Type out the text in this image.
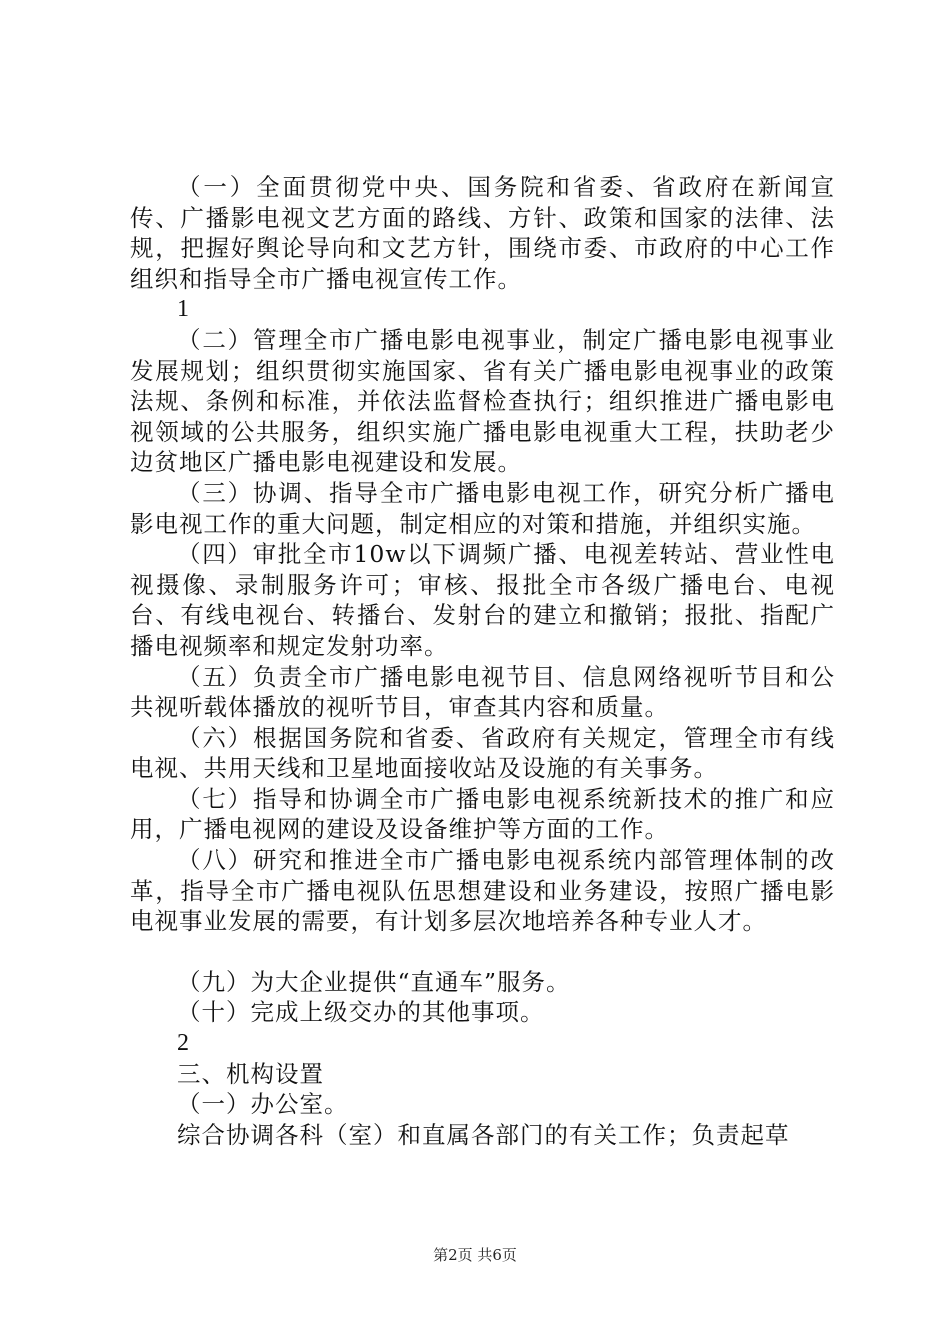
（一）全面贯彻党中央、国务院和省委、省政府在新闻宣传、广播影电视文艺方面的路线、方针、政策和国家的法律、法规，把握好舆论导向和文艺方针，围绕市委、市政府的中心工作组织和指导全市广播电视宣传工作。

1

（二）管理全市广播电影电视事业，制定广播电影电视事业发展规划；组织贯彻实施国家、省有关广播电影电视事业的政策法规、条例和标准，并依法监督检查执行；组织推进广播电影电视领域的公共服务，组织实施广播电影电视重大工程，扶助老少边贫地区广播电影电视建设和发展。

（三）协调、指导全市广播电影电视工作，研究分析广播电影电视工作的重大问题，制定相应的对策和措施，并组织实施。

（四）审批全市10w以下调频广播、电视差转站、营业性电视摄像、录制服务许可；审核、报批全市各级广播电台、电视台、有线电视台、转播台、发射台的建立和撤销；报批、指配广播电视频率和规定发射功率。

（五）负责全市广播电影电视节目、信息网络视听节目和公共视听载体播放的视听节目，审查其内容和质量。

（六）根据国务院和省委、省政府有关规定，管理全市有线电视、共用天线和卫星地面接收站及设施的有关事务。

（七）指导和协调全市广播电影电视系统新技术的推广和应用，广播电视网的建设及设备维护等方面的工作。

（八）研究和推进全市广播电影电视系统内部管理体制的改革，指导全市广播电视队伍思想建设和业务建设，按照广播电影电视事业发展的需要，有计划多层次地培养各种专业人才。

（九）为大企业提供“直通车”服务。

（十）完成上级交办的其他事项。

2

三、机构设置

（一）办公室。

综合协调各科（室）和直属各部门的有关工作；负责起草

第2页 共6页
